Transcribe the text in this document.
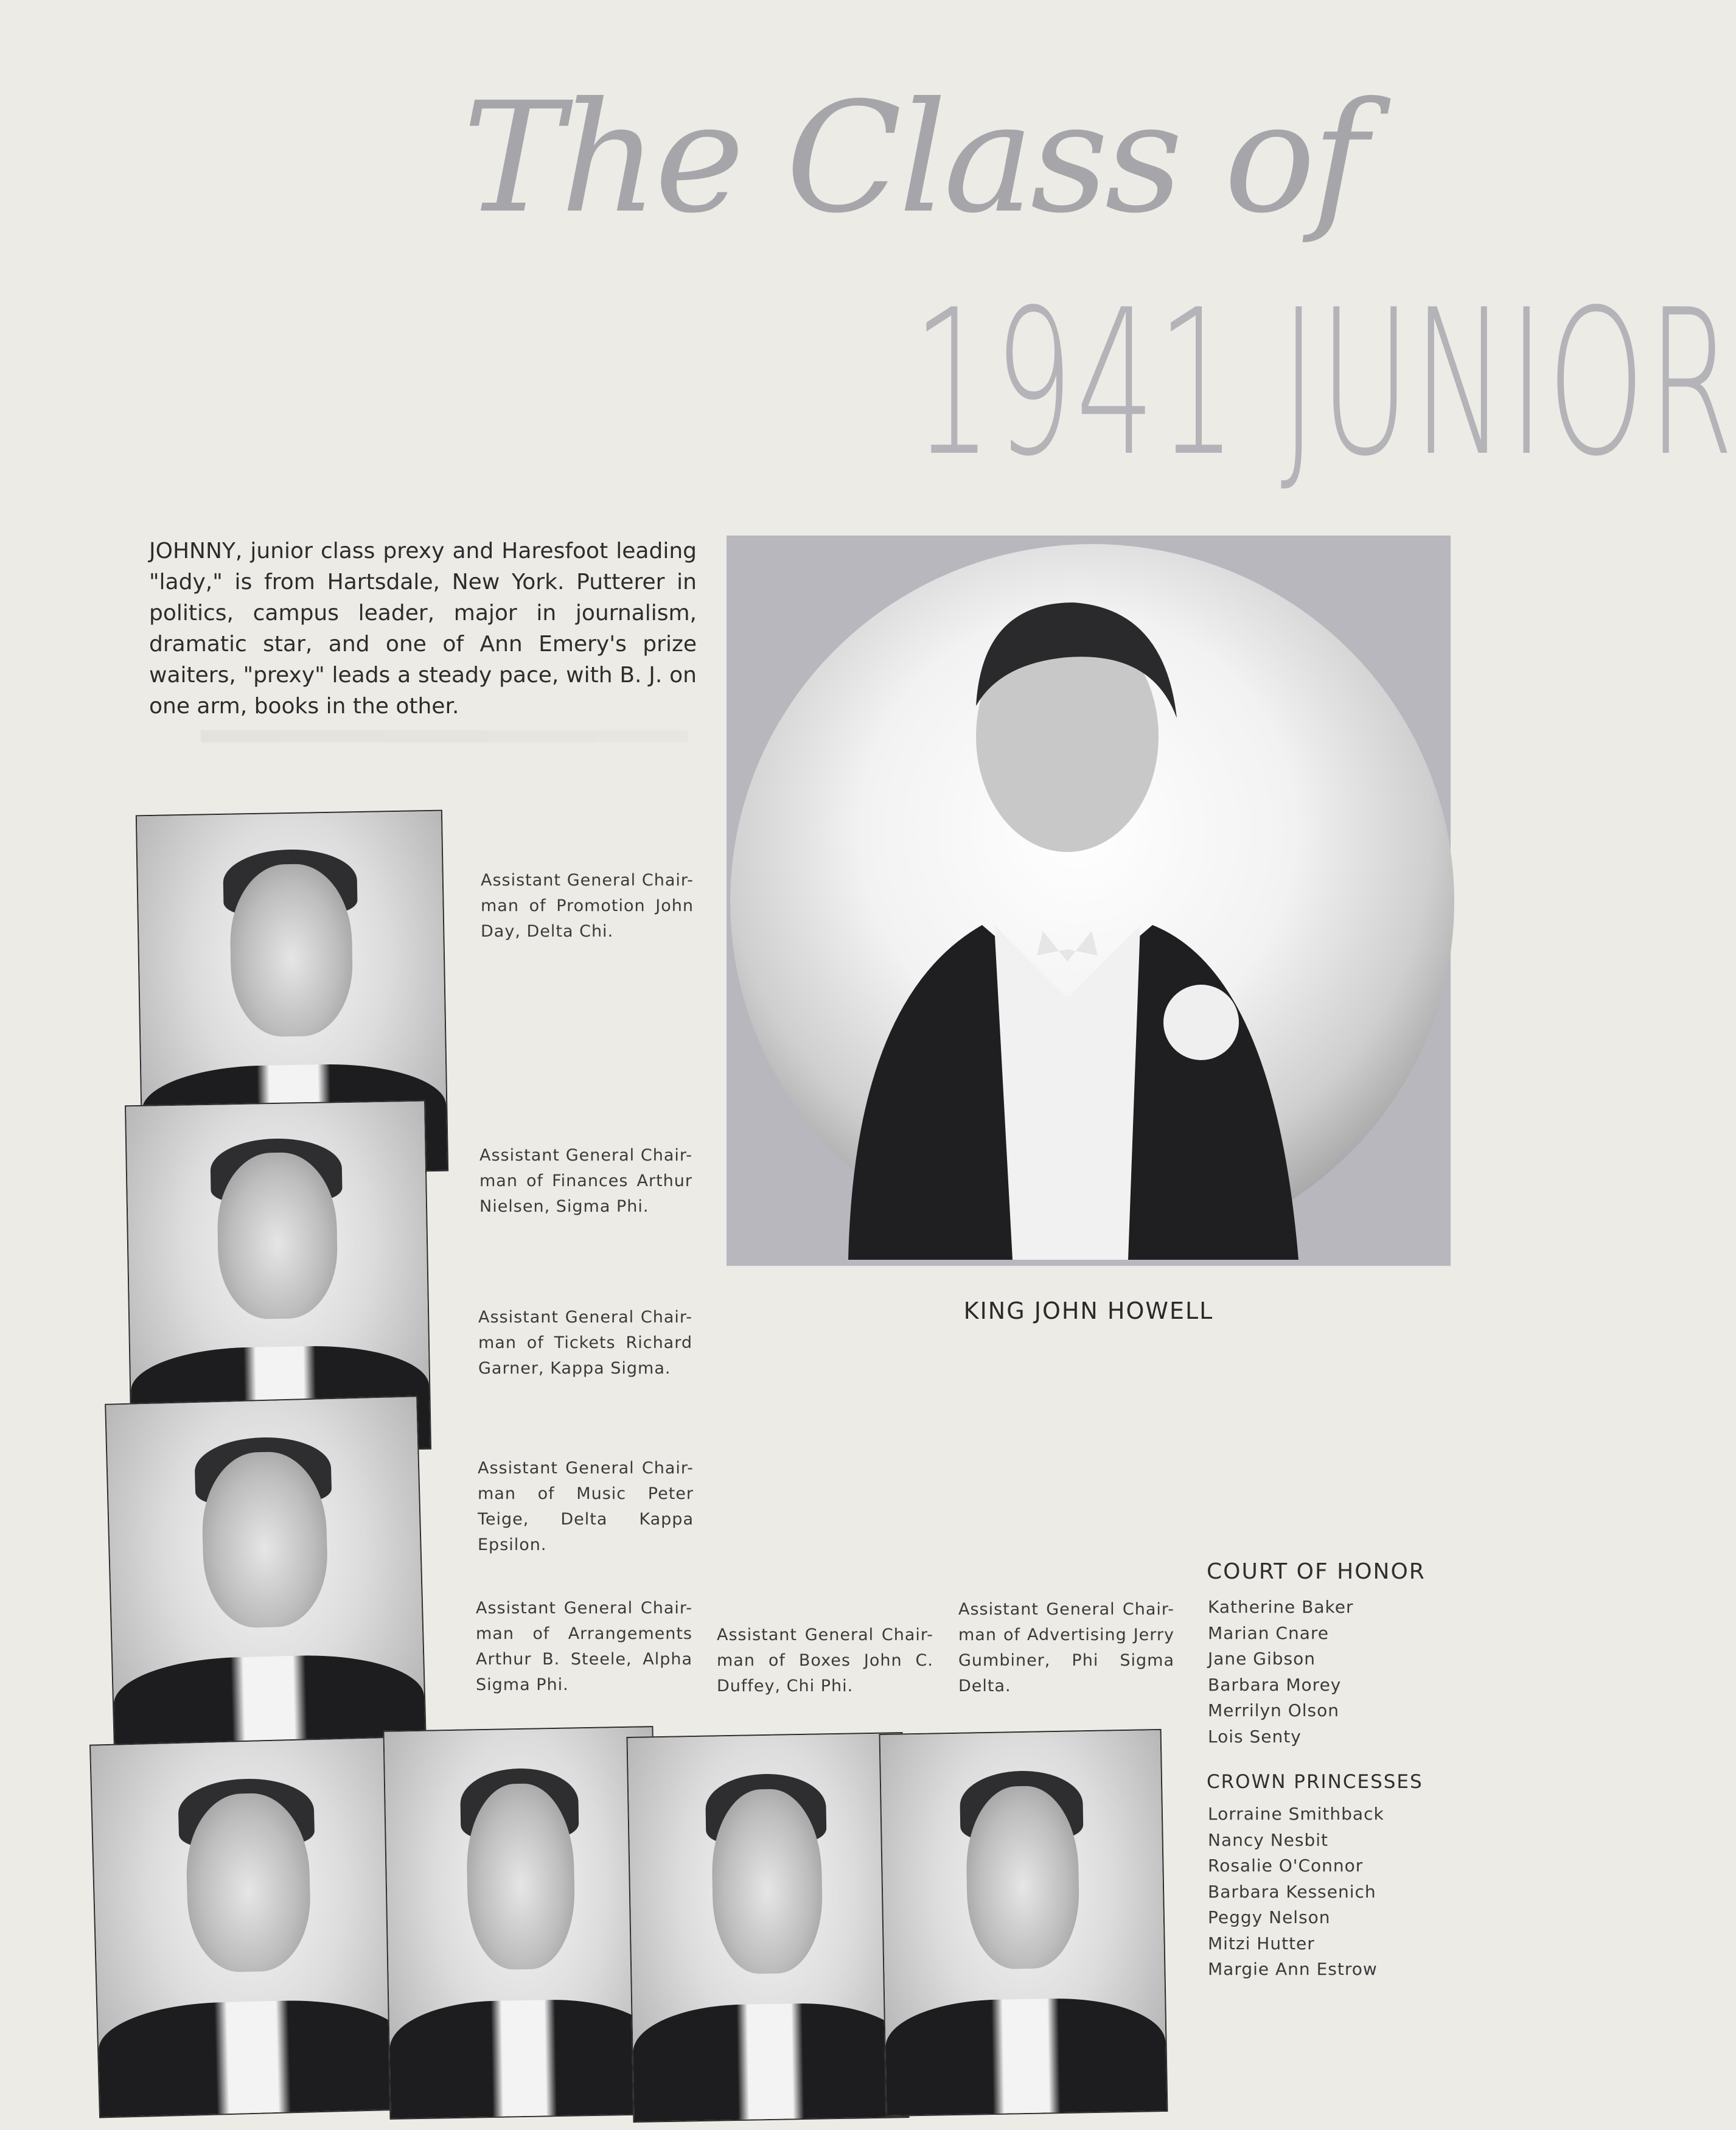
The Class of
1941 JUNIOR
JOHNNY, junior class prexy and Haresfoot leading "lady," is from Hartsdale, New York. Putterer in politics, campus leader, major in journalism, dramatic star, and one of Ann Emery's prize waiters, "prexy" leads a steady pace, with B. J. on one arm, books in the other.
KING JOHN HOWELL
Assistant General Chair-man of Promotion John Day, Delta Chi.
Assistant General Chair-man of Finances Arthur Nielsen, Sigma Phi.
Assistant General Chair-man of Tickets Richard Garner, Kappa Sigma.
Assistant General Chair-man of Music Peter Teige, Delta Kappa Epsilon.
Assistant General Chair-man of Arrangements Arthur B. Steele, Alpha Sigma Phi.
Assistant General Chair-man of Boxes John C. Duffey, Chi Phi.
Assistant General Chair-man of Advertising Jerry Gumbiner, Phi Sigma Delta.
COURT OF HONOR
Katherine Baker
Marian Cnare
Jane Gibson
Barbara Morey
Merrilyn Olson
Lois Senty
CROWN PRINCESSES
Lorraine Smithback
Nancy Nesbit
Rosalie O'Connor
Barbara Kessenich
Peggy Nelson
Mitzi Hutter
Margie Ann Estrow
